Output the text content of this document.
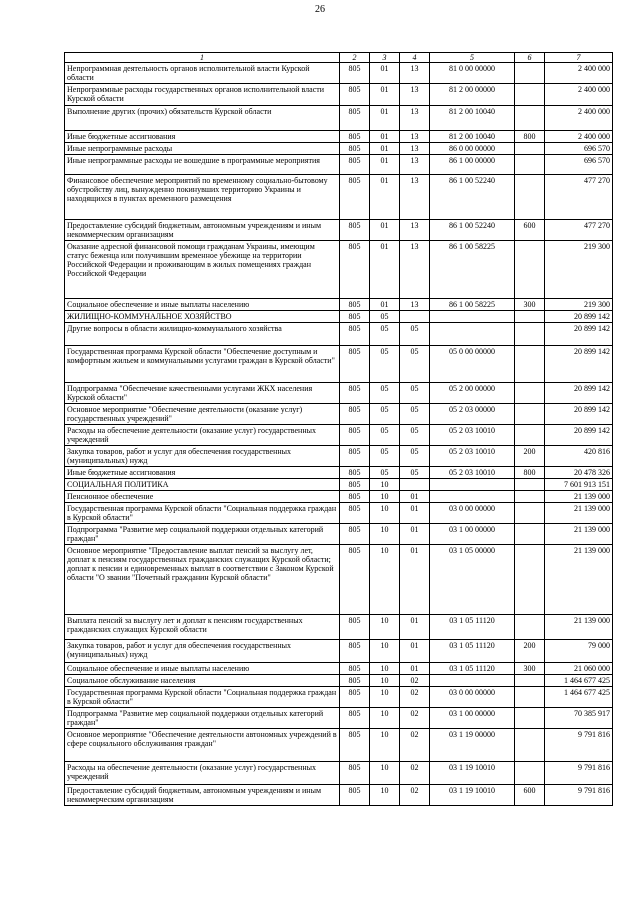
26
1	2	3	4	5	6	7
Непрограммная деятельность органов исполнительной власти Курской области	805	01	13	81 0 00 00000		2 400 000
Непрограммные расходы государственных органов исполнительной власти Курской области	805	01	13	81 2 00 00000		2 400 000
Выполнение других (прочих) обязательств Курской области	805	01	13	81 2 00 10040		2 400 000
Иные бюджетные ассигнования	805	01	13	81 2 00 10040	800	2 400 000
Иные непрограммные расходы	805	01	13	86 0 00 00000		696 570
Иные непрограммные расходы не вошедшие в программные мероприятия	805	01	13	86 1 00 00000		696 570
Финансовое обеспечение мероприятий по временному социально-бытовому обустройству лиц, вынужденно покинувших территорию Украины и находящихся в пунктах временного размещения	805	01	13	86 1 00 52240		477 270
Предоставление субсидий бюджетным, автономным учреждениям и иным некоммерческим организациям	805	01	13	86 1 00 52240	600	477 270
Оказание адресной финансовой помощи гражданам Украины, имеющим статус беженца или получившим временное убежище на территории Российской Федерации и проживающим в жилых помещениях граждан Российской Федерации	805	01	13	86 1 00 58225		219 300
Социальное обеспечение и иные выплаты населению	805	01	13	86 1 00 58225	300	219 300
ЖИЛИЩНО-КОММУНАЛЬНОЕ ХОЗЯЙСТВО	805	05				20 899 142
Другие вопросы в области жилищно-коммунального хозяйства	805	05	05			20 899 142
Государственная программа Курской области "Обеспечение доступным и комфортным жильем и коммунальными услугами граждан в Курской области"	805	05	05	05 0 00 00000		20 899 142
Подпрограмма "Обеспечение качественными услугами ЖКХ населения Курской области"	805	05	05	05 2 00 00000		20 899 142
Основное мероприятие "Обеспечение деятельности (оказание услуг) государственных учреждений"	805	05	05	05 2 03 00000		20 899 142
Расходы на обеспечение деятельности (оказание услуг) государственных учреждений	805	05	05	05 2 03 10010		20 899 142
Закупка товаров, работ и услуг для обеспечения государственных (муниципальных) нужд	805	05	05	05 2 03 10010	200	420 816
Иные бюджетные ассигнования	805	05	05	05 2 03 10010	800	20 478 326
СОЦИАЛЬНАЯ ПОЛИТИКА	805	10				7 601 913 151
Пенсионное обеспечение	805	10	01			21 139 000
Государственная программа Курской области "Социальная поддержка граждан в Курской области"	805	10	01	03 0 00 00000		21 139 000
Подпрограмма "Развитие мер социальной поддержки отдельных категорий граждан"	805	10	01	03 1 00 00000		21 139 000
Основное мероприятие "Предоставление выплат пенсий за выслугу лет, доплат к пенсиям государственных гражданских служащих Курской области; доплат к пенсии и единовременных выплат в соответствии с Законом Курской области "О звании "Почетный гражданин Курской области"	805	10	01	03 1 05 00000		21 139 000
Выплата пенсий за выслугу лет и доплат к пенсиям государственных гражданских служащих Курской области	805	10	01	03 1 05 11120		21 139 000
Закупка товаров, работ и услуг для обеспечения государственных (муниципальных) нужд	805	10	01	03 1 05 11120	200	79 000
Социальное обеспечение и иные выплаты населению	805	10	01	03 1 05 11120	300	21 060 000
Социальное обслуживание населения	805	10	02			1 464 677 425
Государственная программа Курской области "Социальная поддержка граждан в Курской области"	805	10	02	03 0 00 00000		1 464 677 425
Подпрограмма "Развитие мер социальной поддержки отдельных категорий граждан"	805	10	02	03 1 00 00000		70 385 917
Основное мероприятие "Обеспечение деятельности автономных учреждений в сфере социального обслуживания граждан"	805	10	02	03 1 19 00000		9 791 816
Расходы на обеспечение деятельности (оказание услуг) государственных учреждений	805	10	02	03 1 19 10010		9 791 816
Предоставление субсидий бюджетным, автономным учреждениям и иным некоммерческим организациям	805	10	02	03 1 19 10010	600	9 791 816
